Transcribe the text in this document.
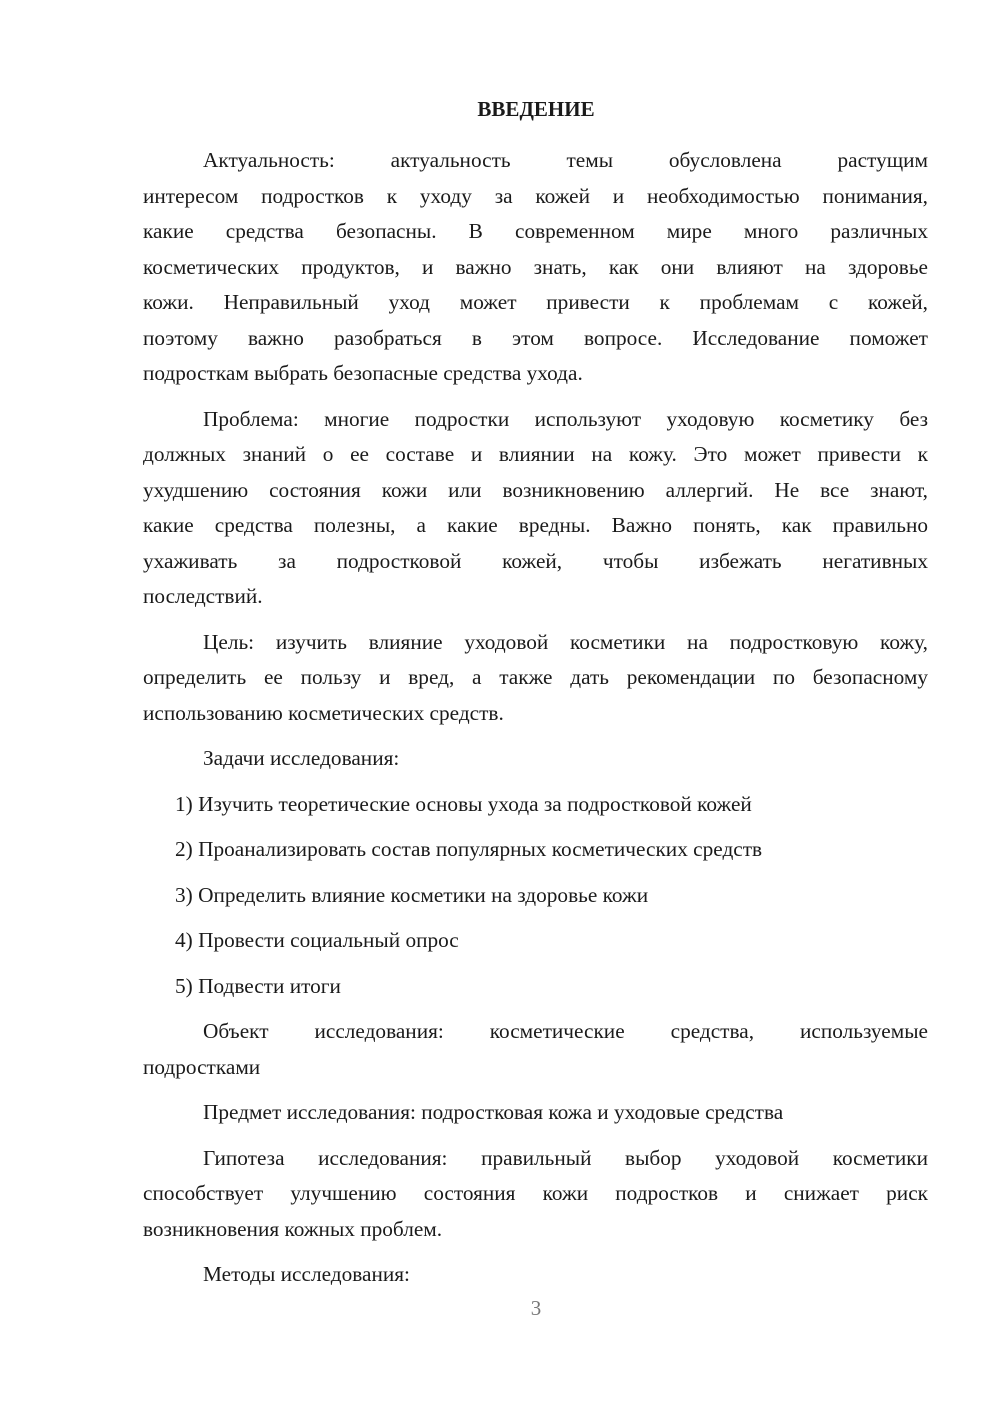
ВВЕДЕНИЕ
Актуальность: актуальность темы обусловлена растущим
интересом подростков к уходу за кожей и необходимостью понимания,
какие средства безопасны. В современном мире много различных
косметических продуктов, и важно знать, как они влияют на здоровье
кожи. Неправильный уход может привести к проблемам с кожей,
поэтому важно разобраться в этом вопросе. Исследование поможет
подросткам выбрать безопасные средства ухода.
Проблема: многие подростки используют уходовую косметику без
должных знаний о ее составе и влиянии на кожу. Это может привести к
ухудшению состояния кожи или возникновению аллергий. Не все знают,
какие средства полезны, а какие вредны. Важно понять, как правильно
ухаживать за подростковой кожей, чтобы избежать негативных
последствий.
Цель: изучить влияние уходовой косметики на подростковую кожу,
определить ее пользу и вред, а также дать рекомендации по безопасному
использованию косметических средств.
Задачи исследования:
1) Изучить теоретические основы ухода за подростковой кожей
2) Проанализировать состав популярных косметических средств
3) Определить влияние косметики на здоровье кожи
4) Провести социальный опрос
5) Подвести итоги
Объект исследования: косметические средства, используемые
подростками
Предмет исследования: подростковая кожа и уходовые средства
Гипотеза исследования: правильный выбор уходовой косметики
способствует улучшению состояния кожи подростков и снижает риск
возникновения кожных проблем.
Методы исследования:
3
